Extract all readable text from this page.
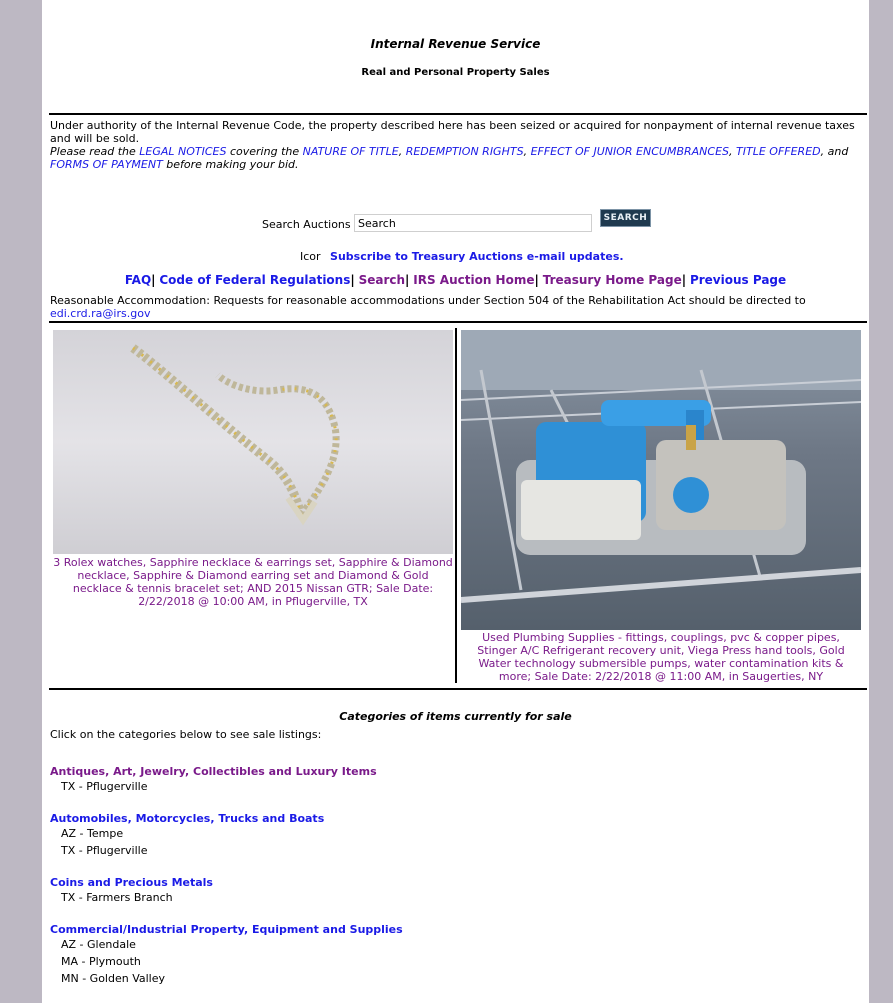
Internal Revenue Service
Real and Personal Property Sales
Under authority of the Internal Revenue Code, the property described here has been seized or acquired for nonpayment of internal revenue taxes and will be sold.
Please read the LEGAL NOTICES covering the NATURE OF TITLE, REDEMPTION RIGHTS, EFFECT OF JUNIOR ENCUMBRANCES, TITLE OFFERED, and
FORMS OF PAYMENT before making your bid.
Search Auctions
Search	SEARCH
Icor Subscribe to Treasury Auctions e-mail updates.
FAQ| Code of Federal Regulations| Search| IRS Auction Home| Treasury Home Page| Previous Page
Reasonable Accommodation: Requests for reasonable accommodations under Section 504 of the Rehabilitation Act should be directed to
edi.crd.ra@irs.gov
3 Rolex watches, Sapphire necklace & earrings set, Sapphire & Diamond necklace, Sapphire & Diamond earring set and Diamond & Gold necklace & tennis bracelet set; AND 2015 Nissan GTR; Sale Date: 2/22/2018 @ 10:00 AM, in Pflugerville, TX
Used Plumbing Supplies - fittings, couplings, pvc & copper pipes, Stinger A/C Refrigerant recovery unit, Viega Press hand tools, Gold Water technology submersible pumps, water contamination kits & more; Sale Date: 2/22/2018 @ 11:00 AM, in Saugerties, NY
Categories of items currently for sale
Click on the categories below to see sale listings:
Antiques, Art, Jewelry, Collectibles and Luxury Items
TX - Pflugerville
Automobiles, Motorcycles, Trucks and Boats
AZ - Tempe
TX - Pflugerville
Coins and Precious Metals
TX - Farmers Branch
Commercial/Industrial Property, Equipment and Supplies
AZ - Glendale
MA - Plymouth
MN - Golden Valley
